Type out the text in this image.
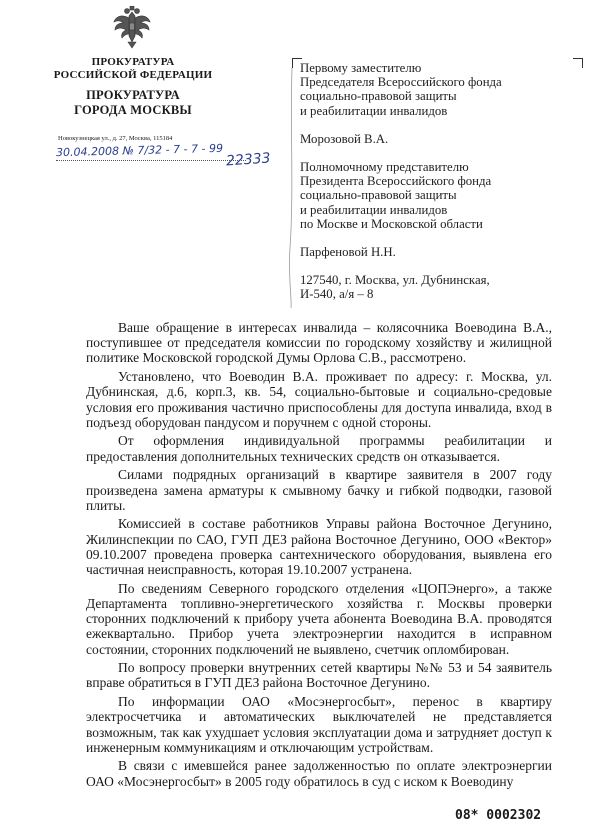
ПРОКУРАТУРА
РОССИЙСКОЙ ФЕДЕРАЦИИ
ПРОКУРАТУРА
ГОРОДА МОСКВЫ
Новокузнецкая ул., д. 27, Москва, 115184
30.04.2008 № 7/32 - 7 - 7 - 99 22333

Первому заместителю

Председателя Всероссийского фонда

социально-правовой защиты

и реабилитации инвалидов

Морозовой В.А.

Полномочному представителю

Президента Всероссийского фонда

социально-правовой защиты

и реабилитации инвалидов

по Москве и Московской области

Парфеновой Н.Н.

127540, г. Москва, ул. Дубнинская,

И-540, а/я – 8

Ваше обращение в интересах инвалида – колясочника Воеводина В.А., поступившее от председателя комиссии по городскому хозяйству и жилищной политике Московской городской Думы Орлова С.В., рассмотрено.

Установлено, что Воеводин В.А. проживает по адресу: г. Москва, ул. Дубнинская, д.6, корп.3, кв. 54, социально-бытовые и социально-средовые условия его проживания частично приспособлены для доступа инвалида, вход в подъезд оборудован пандусом и поручнем с одной стороны.

От оформления индивидуальной программы реабилитации и предоставления дополнительных технических средств он отказывается.

Силами подрядных организаций в квартире заявителя в 2007 году произведена замена арматуры к смывному бачку и гибкой подводки, газовой плиты.

Комиссией в составе работников Управы района Восточное Дегунино, Жилинспекции по САО, ГУП ДЕЗ района Восточное Дегунино, ООО «Вектор» 09.10.2007 проведена проверка сантехнического оборудования, выявлена его частичная неисправность, которая 19.10.2007 устранена.

По сведениям Северного городского отделения «ЦОПЭнерго», а также Департамента топливно-энергетического хозяйства г. Москвы проверки сторонних подключений к прибору учета абонента Воеводина В.А. проводятся ежеквартально. Прибор учета электроэнергии находится в исправном состоянии, сторонних подключений не выявлено, счетчик опломбирован.

По вопросу проверки внутренних сетей квартиры №№ 53 и 54 заявитель вправе обратиться в ГУП ДЕЗ района Восточное Дегунино.

По информации ОАО «Мосэнергосбыт», перенос в квартиру электросчетчика и автоматических выключателей не представляется возможным, так как ухудшает условия эксплуатации дома и затрудняет доступ к инженерным коммуникациям и отключающим устройствам.

В связи с имевшейся ранее задолженностью по оплате электроэнергии ОАО «Мосэнергосбыт» в 2005 году обратилось в суд с иском к Воеводину

08* 0002302
